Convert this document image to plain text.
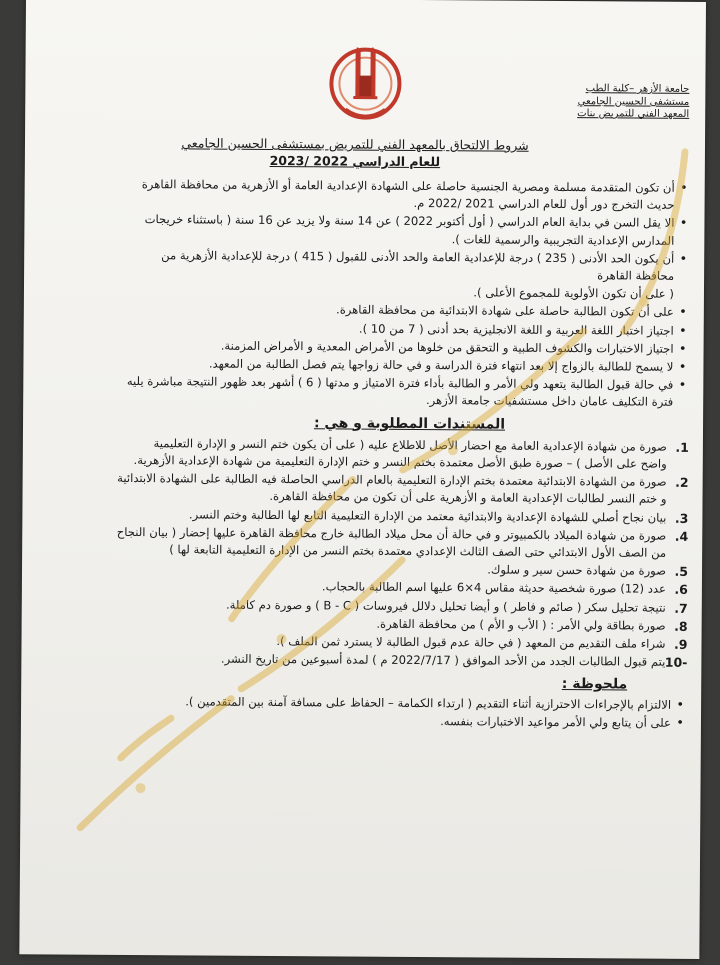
جامعة الأزهر –كلية الطب
مستشفى الحسين الجامعي
المعهد الفني للتمريض بنات
شروط الالتحاق بالمعهد الفني للتمريض بمستشفى الحسين الجامعي
للعام الدراسي 2022 /2023
• أن تكون المتقدمة مسلمة ومصرية الجنسية حاصلة على الشهادة الإعدادية العامة أو الأزهرية من محافظة القاهرة
حديث التخرج دور أول للعام الدراسي 2021 /2022 م.
• الا يقل السن في بداية العام الدراسي ( أول أكتوبر 2022 ) عن 14 سنة ولا يزيد عن 16 سنة ( باستثناء خريجات
المدارس الإعدادية التجريبية والرسمية للغات ).
• أن يكون الحد الأدنى ( 235 ) درجة للإعدادية العامة والحد الأدنى للقبول ( 415 ) درجة للإعدادية الأزهرية من
محافظة القاهرة
( على أن تكون الأولوية للمجموع الأعلى ).
• على أن تكون الطالبة حاصلة على شهادة الابتدائية من محافظة القاهرة.
• اجتياز اختبار اللغة العربية و اللغة الانجليزية بحد أدنى ( 7 من 10 ).
• اجتياز الاختبارات والكشوف الطبية و التحقق من خلوها من الأمراض المعدية و الأمراض المزمنة.
• لا يسمح للطالبة بالزواج إلا بعد انتهاء فترة الدراسة و في حالة زواجها يتم فصل الطالبة من المعهد.
• في حالة قبول الطالبة يتعهد ولي الأمر و الطالبة بأداء فترة الامتياز و مدتها ( 6 ) أشهر بعد ظهور النتيجة مباشرة يليه
فترة التكليف عامان داخل مستشفيات جامعة الأزهر.
المستندات المطلوبة و هي :
1.
صورة من شهادة الإعدادية العامة مع احضار الأصل للاطلاع عليه ( على أن يكون ختم النسر و الإدارة التعليمية
واضح على الأصل ) – صورة طبق الأصل معتمدة بختم النسر و ختم الإدارة التعليمية من شهادة الإعدادية الأزهرية.
2.
صورة من الشهادة الابتدائية معتمدة بختم الإدارة التعليمية بالعام الدراسي الحاصلة فيه الطالبة على الشهادة الابتدائية
و ختم النسر لطالبات الإعدادية العامة و الأزهرية على أن تكون من محافظة القاهرة.
3.
بيان نجاح أصلي للشهادة الإعدادية والابتدائية معتمد من الإدارة التعليمية التابع لها الطالبة وختم النسر.
4.
صورة من شهادة الميلاد بالكمبيوتر و في حالة أن محل ميلاد الطالبة خارج محافظة القاهرة عليها إحضار ( بيان النجاح
من الصف الأول الابتدائي حتى الصف الثالث الإعدادي معتمدة بختم النسر من الإدارة التعليمية التابعة لها )
5.
صورة من شهادة حسن سير و سلوك.
6.
عدد (12) صورة شخصية حديثة مقاس 4×6 عليها اسم الطالبة بالحجاب.
7.
نتيجة تحليل سكر ( صائم و فاطر ) و أيضا تحليل دلالل فيروسات ( B - C ) و صورة دم كاملة.
8.
صورة بطاقة ولي الأمر : ( الأب و الأم ) من محافظة القاهرة.
9.
شراء ملف التقديم من المعهد ( في حالة عدم قبول الطالبة لا يسترد ثمن الملف ).
-10
يتم قبول الطالبات الجدد من الأحد الموافق ( 2022/7/17 م ) لمدة أسبوعين من تاريخ النشر.
ملحوظة :
• الالتزام بالإجراءات الاحترازية أثناء التقديم ( ارتداء الكمامة – الحفاظ على مسافة آمنة بين المتقدمين ).
• على أن يتابع ولي الأمر مواعيد الاختبارات بنفسه.
